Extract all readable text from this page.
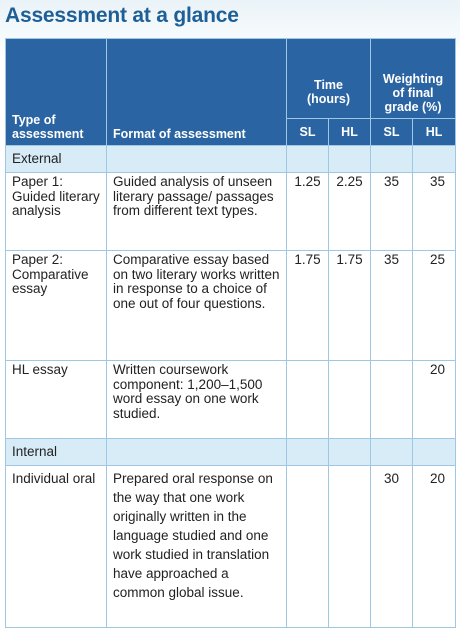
Assessment at a glance
Type of assessment	Format of assessment	Time (hours)		Weighting of final grade (%)	
		SL	HL	SL	HL
External					
Paper 1: Guided literary analysis	Guided analysis of unseen literary passage/ passages from different text types.	1.25	2.25	35	35
Paper 2: Comparative essay	Comparative essay based on two literary works written in response to a choice of one out of four questions.	1.75	1.75	35	25
HL essay	Written coursework component: 1,200–1,500 word essay on one work studied.				20
Internal					
Individual oral	Prepared oral response on the way that one work originally written in the language studied and one work studied in translation have approached a common global issue.			30	20
